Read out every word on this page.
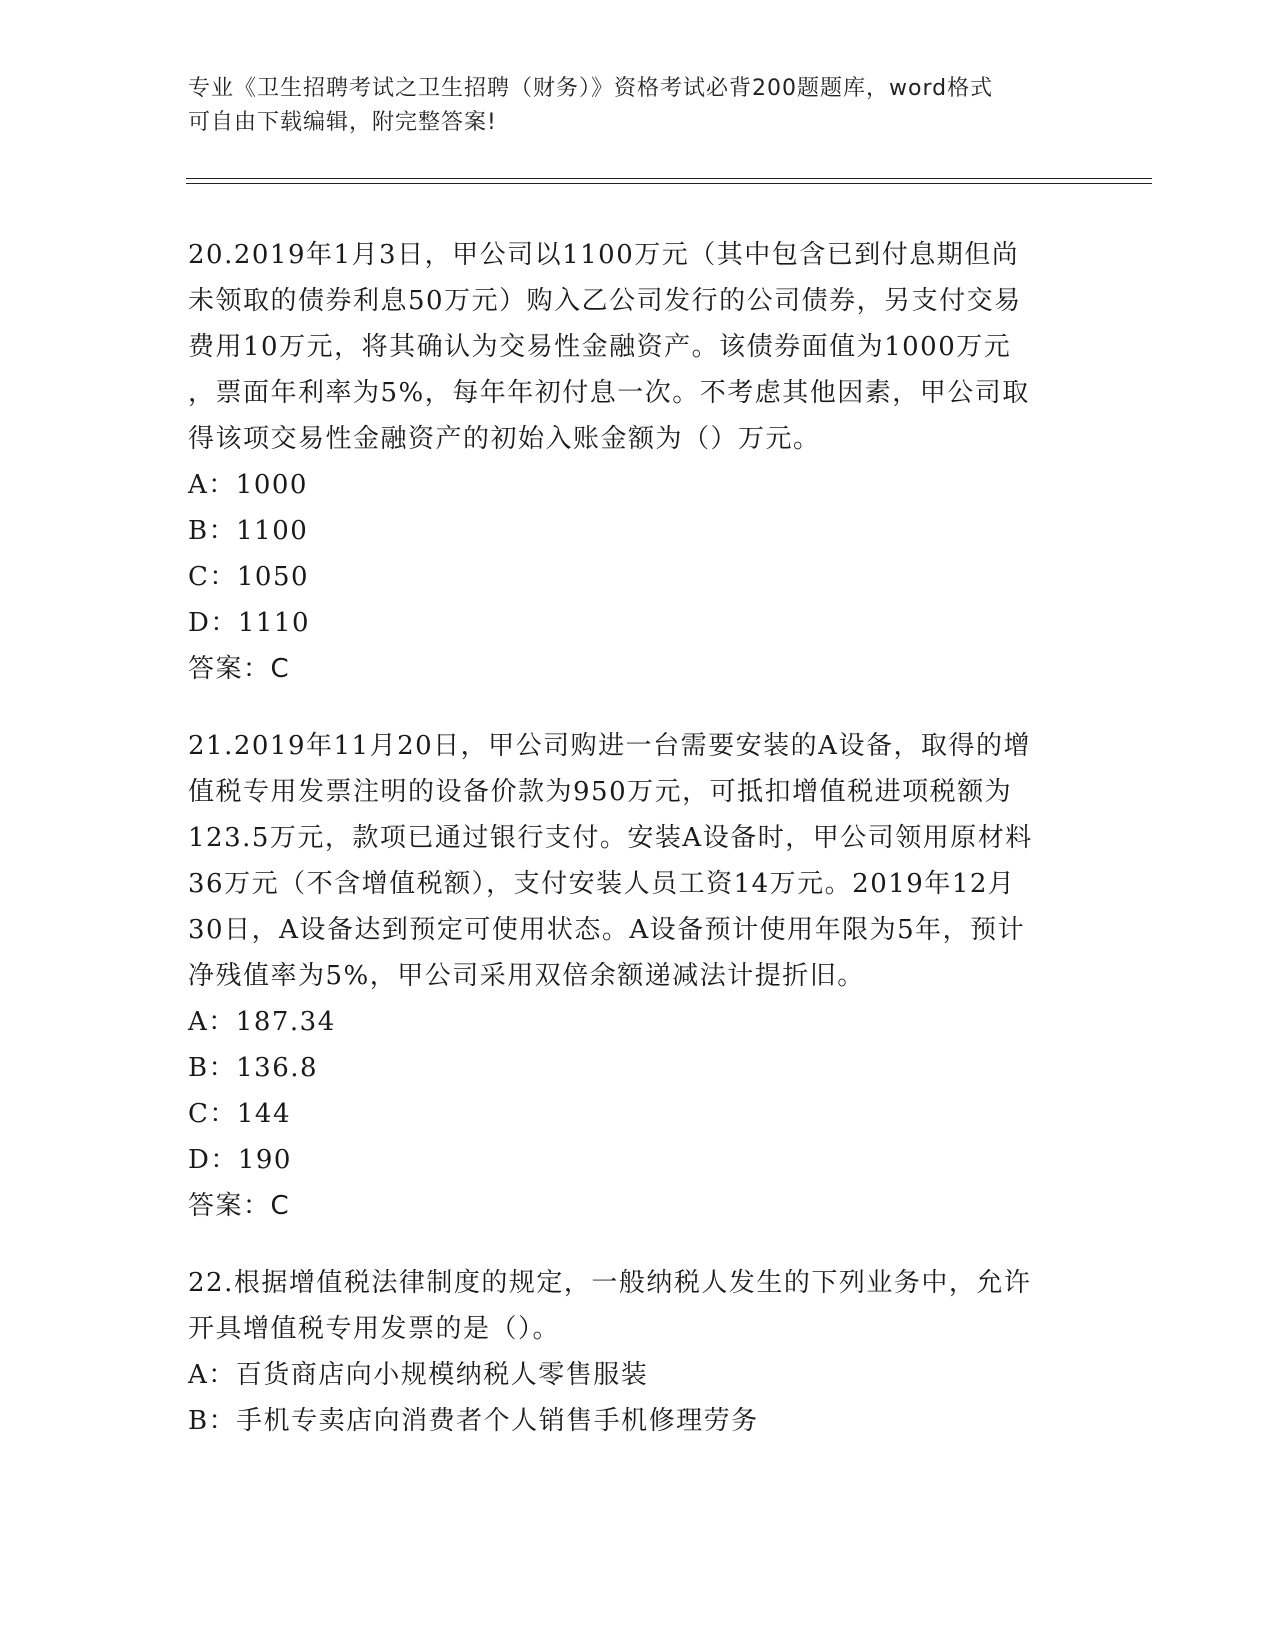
专业《卫生招聘考试之卫生招聘（财务）》资格考试必背200题题库，word格式
可自由下载编辑，附完整答案!
20.2019年1月3日，甲公司以1100万元（其中包含已到付息期但尚
未领取的债券利息50万元）购入乙公司发行的公司债券，另支付交易
费用10万元，将其确认为交易性金融资产。该债券面值为1000万元
，票面年利率为5%，每年年初付息一次。不考虑其他因素，甲公司取
得该项交易性金融资产的初始入账金额为（）万元。
A：1000
B：1100
C：1050
D：1110
答案：C
21.2019年11月20日，甲公司购进一台需要安装的A设备，取得的增
值税专用发票注明的设备价款为950万元，可抵扣增值税进项税额为
123.5万元，款项已通过银行支付。安装A设备时，甲公司领用原材料
36万元（不含增值税额），支付安装人员工资14万元。2019年12月
30日，A设备达到预定可使用状态。A设备预计使用年限为5年，预计
净残值率为5%，甲公司采用双倍余额递减法计提折旧。
A：187.34
B：136.8
C：144
D：190
答案：C
22.根据增值税法律制度的规定，一般纳税人发生的下列业务中，允许
开具增值税专用发票的是（）。
A：百货商店向小规模纳税人零售服装
B：手机专卖店向消费者个人销售手机修理劳务
